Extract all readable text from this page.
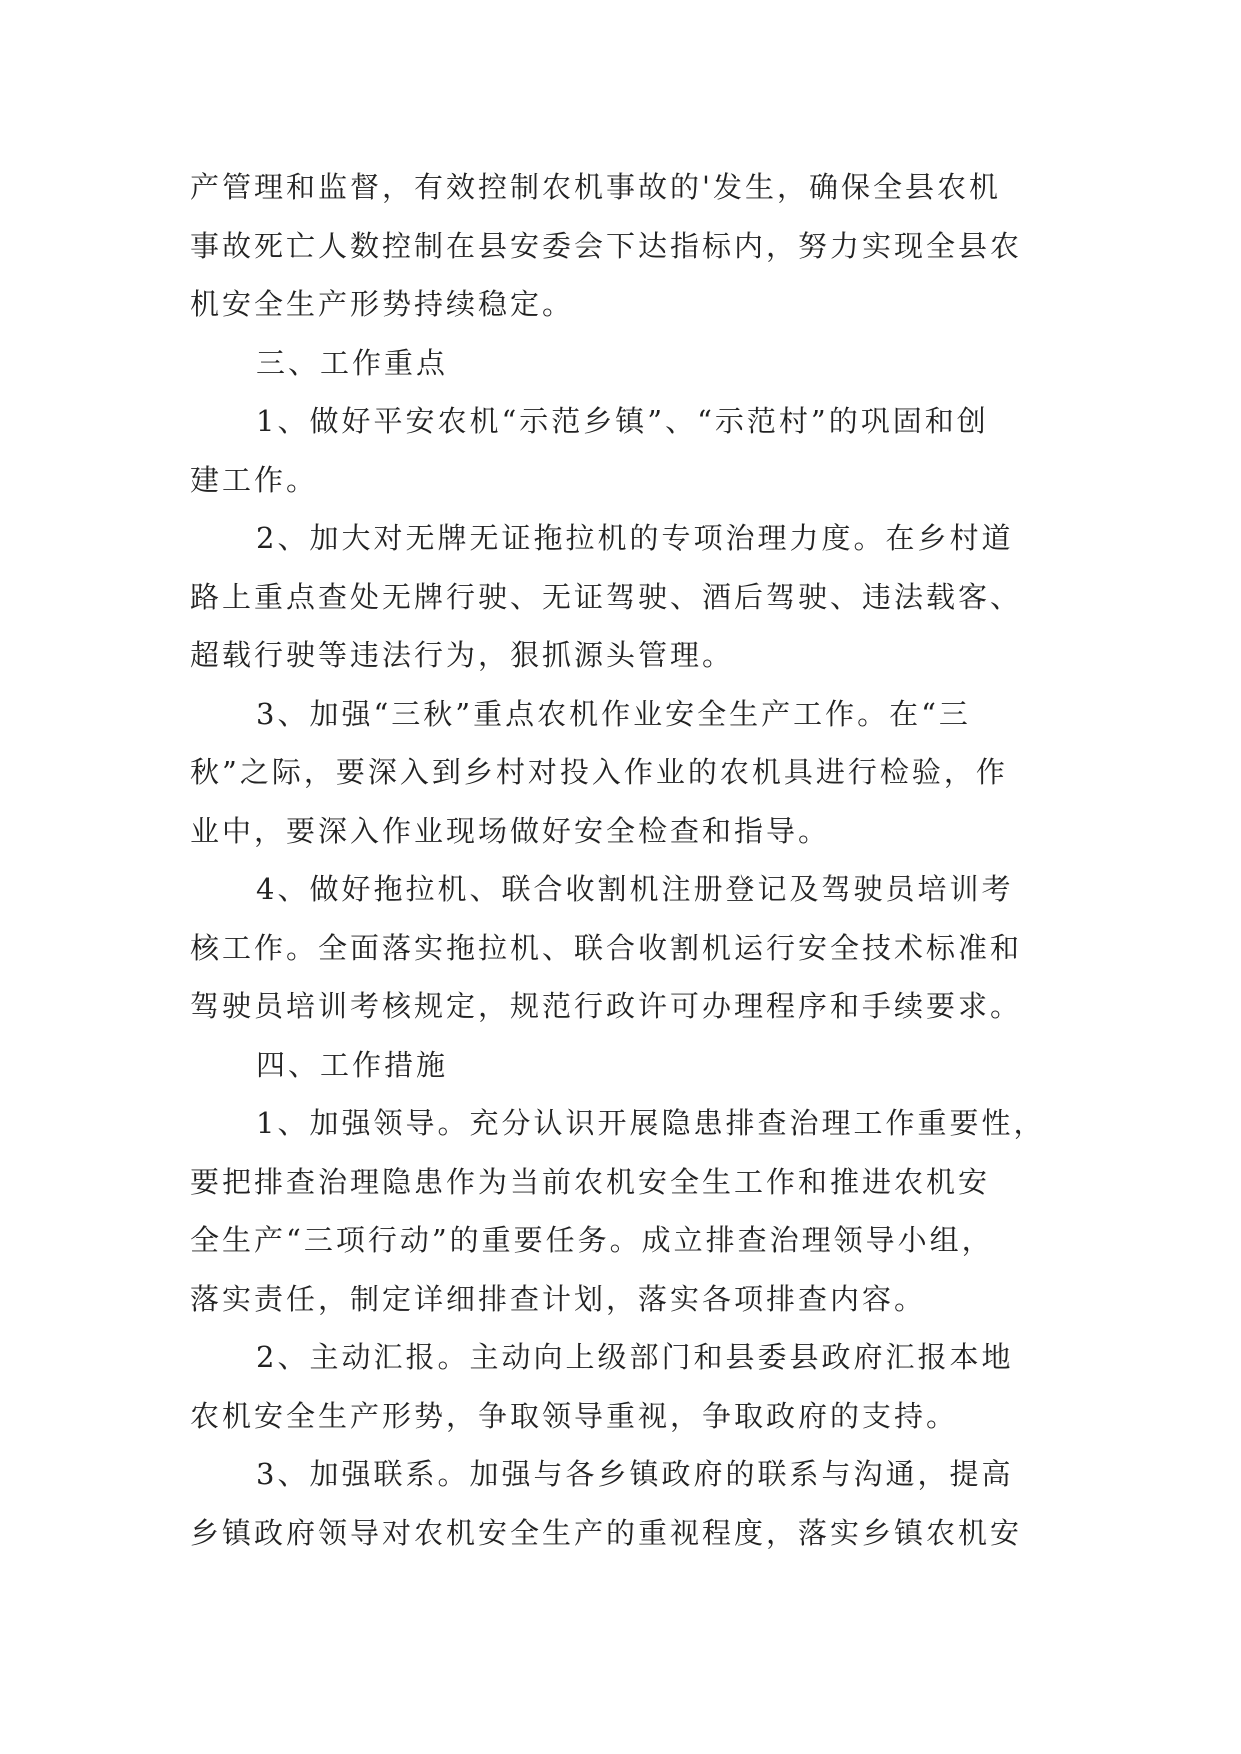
产管理和监督，有效控制农机事故的'发生，确保全县农机
事故死亡人数控制在县安委会下达指标内，努力实现全县农
机安全生产形势持续稳定。
三、工作重点
1、做好平安农机“示范乡镇”、“示范村”的巩固和创
建工作。
2、加大对无牌无证拖拉机的专项治理力度。在乡村道
路上重点查处无牌行驶、无证驾驶、酒后驾驶、违法载客、
超载行驶等违法行为，狠抓源头管理。
3、加强“三秋”重点农机作业安全生产工作。在“三
秋”之际，要深入到乡村对投入作业的农机具进行检验，作
业中，要深入作业现场做好安全检查和指导。
4、做好拖拉机、联合收割机注册登记及驾驶员培训考
核工作。全面落实拖拉机、联合收割机运行安全技术标准和
驾驶员培训考核规定，规范行政许可办理程序和手续要求。
四、工作措施
1、加强领导。充分认识开展隐患排查治理工作重要性，
要把排查治理隐患作为当前农机安全生工作和推进农机安
全生产“三项行动”的重要任务。成立排查治理领导小组，
落实责任，制定详细排查计划，落实各项排查内容。
2、主动汇报。主动向上级部门和县委县政府汇报本地
农机安全生产形势，争取领导重视，争取政府的支持。
3、加强联系。加强与各乡镇政府的联系与沟通，提高
乡镇政府领导对农机安全生产的重视程度，落实乡镇农机安
